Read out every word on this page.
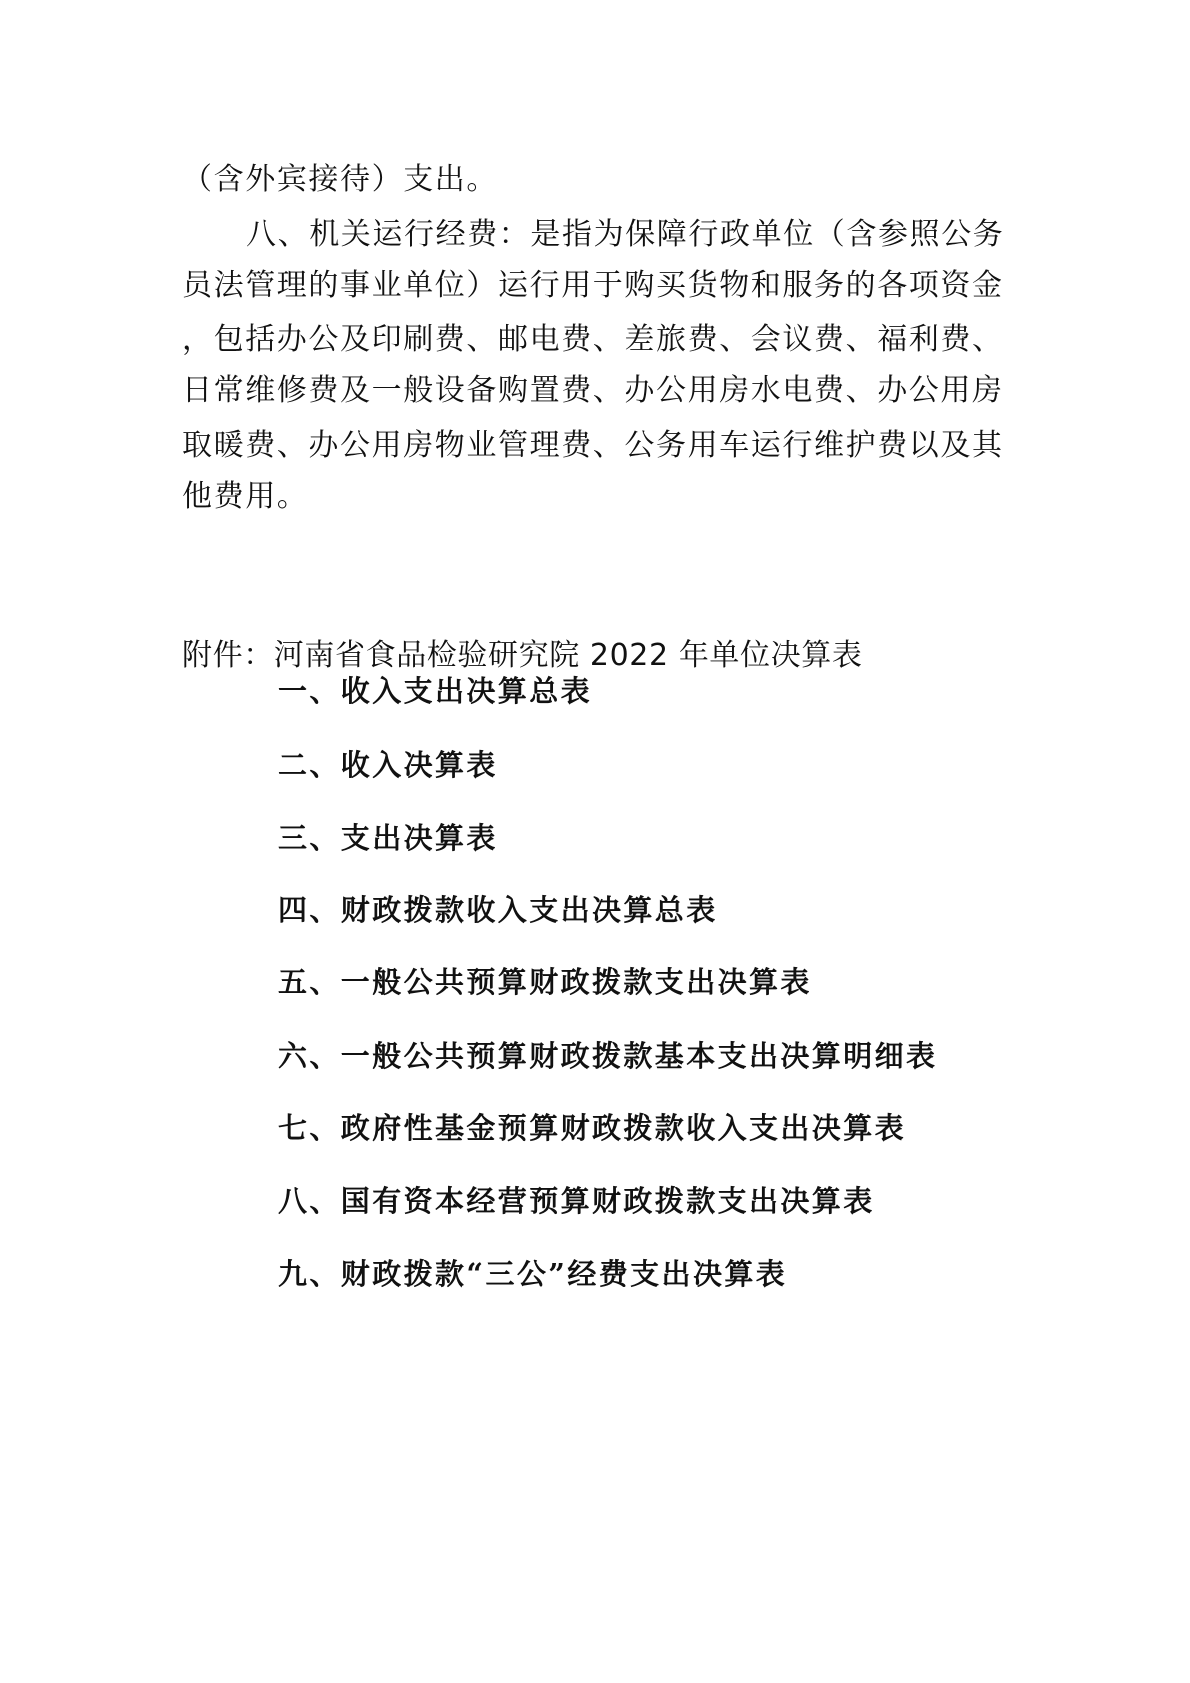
（含外宾接待）支出。
八、机关运行经费：是指为保障行政单位（含参照公务
员法管理的事业单位）运行用于购买货物和服务的各项资金
，包括办公及印刷费、邮电费、差旅费、会议费、福利费、
日常维修费及一般设备购置费、办公用房水电费、办公用房
取暖费、办公用房物业管理费、公务用车运行维护费以及其
他费用。
附件：河南省食品检验研究院 2022 年单位决算表
一、收入支出决算总表
二、收入决算表
三、支出决算表
四、财政拨款收入支出决算总表
五、一般公共预算财政拨款支出决算表
六、一般公共预算财政拨款基本支出决算明细表
七、政府性基金预算财政拨款收入支出决算表
八、国有资本经营预算财政拨款支出决算表
九、财政拨款“三公”经费支出决算表
